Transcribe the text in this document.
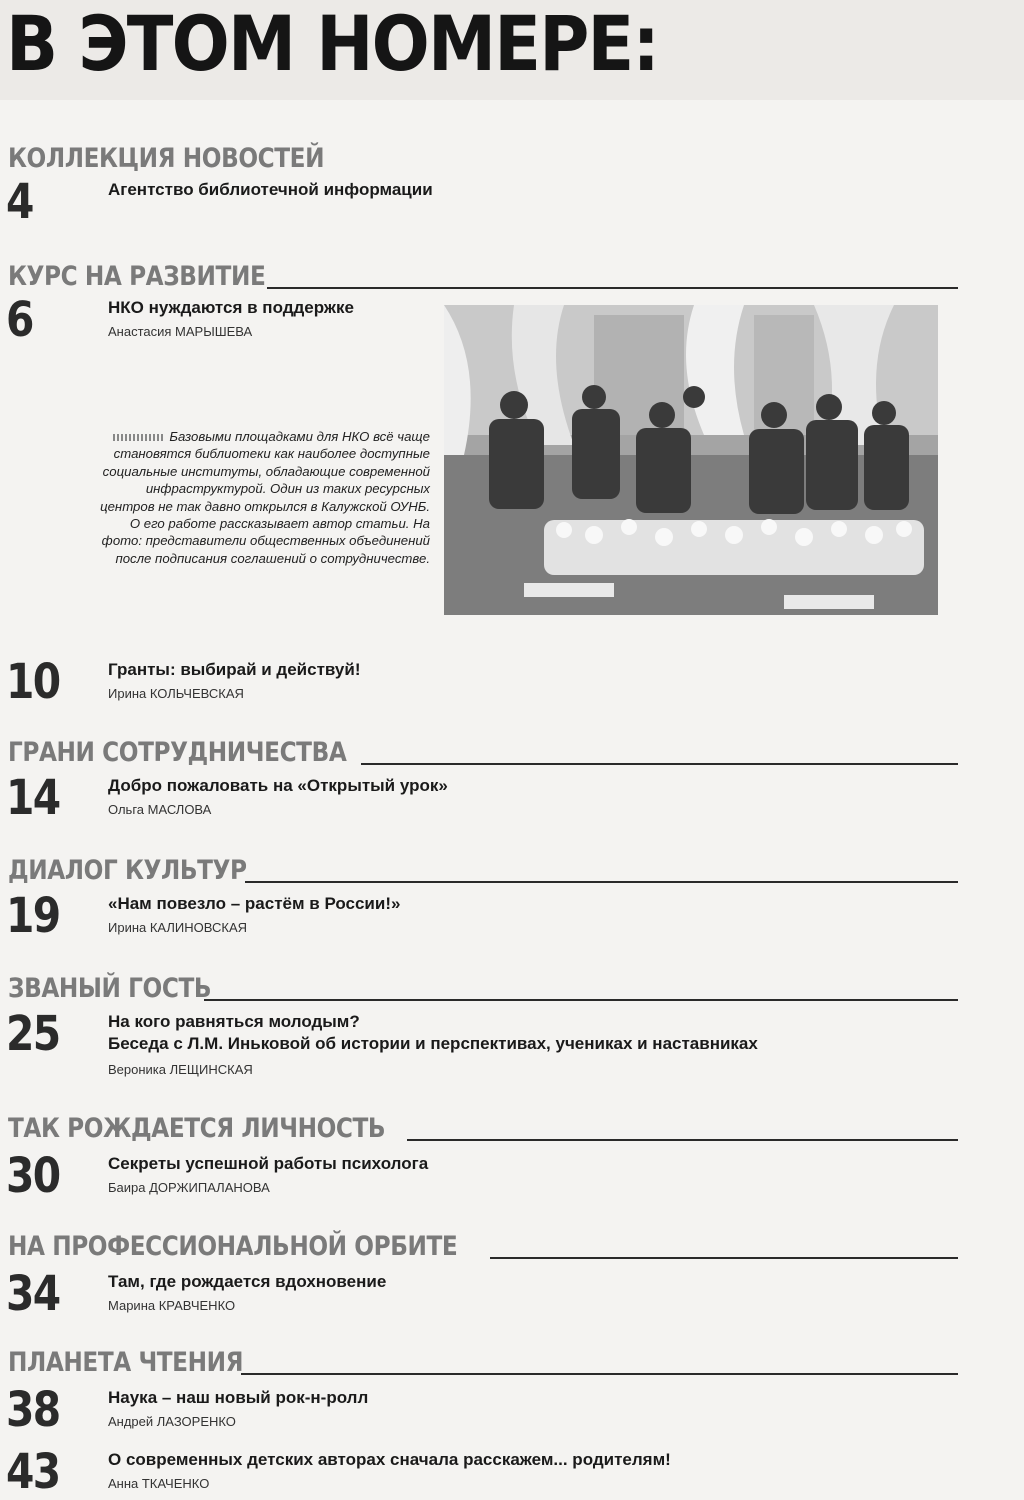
В ЭТОМ НОМЕРЕ:
КОЛЛЕКЦИЯ НОВОСТЕЙ
4	Агентство библиотечной информации
КУРС НА РАЗВИТИЕ
6	НКО нуждаются в поддержке
Анастасия МАРЫШЕВА
Базовыми площадками для НКО всё чаще становятся библиотеки как наиболее доступные социальные институты, обладающие современной инфраструктурой. Один из таких ресурсных центров не так давно открылся в Калужской ОУНБ. О его работе рассказывает автор статьи. На фото: представители общественных объединений после подписания соглашений о сотрудничестве.
10	Гранты: выбирай и действуй!
Ирина КОЛЬЧЕВСКАЯ
ГРАНИ СОТРУДНИЧЕСТВА
14	Добро пожаловать на «Открытый урок»
Ольга МАСЛОВА
ДИАЛОГ КУЛЬТУР
19	«Нам повезло – растём в России!»
Ирина КАЛИНОВСКАЯ
ЗВАНЫЙ ГОСТЬ
25	На кого равняться молодым?
Беседа с Л.М. Иньковой об истории и перспективах, учениках и наставниках
Вероника ЛЕЩИНСКАЯ
ТАК РОЖДАЕТСЯ ЛИЧНОСТЬ
30	Секреты успешной работы психолога
Баира ДОРЖИПАЛАНОВА
НА ПРОФЕССИОНАЛЬНОЙ ОРБИТЕ
34	Там, где рождается вдохновение
Марина КРАВЧЕНКО
ПЛАНЕТА ЧТЕНИЯ
38	Наука – наш новый рок-н-ролл
Андрей ЛАЗОРЕНКО
43	О современных детских авторах сначала расскажем... родителям!
Анна ТКАЧЕНКО
